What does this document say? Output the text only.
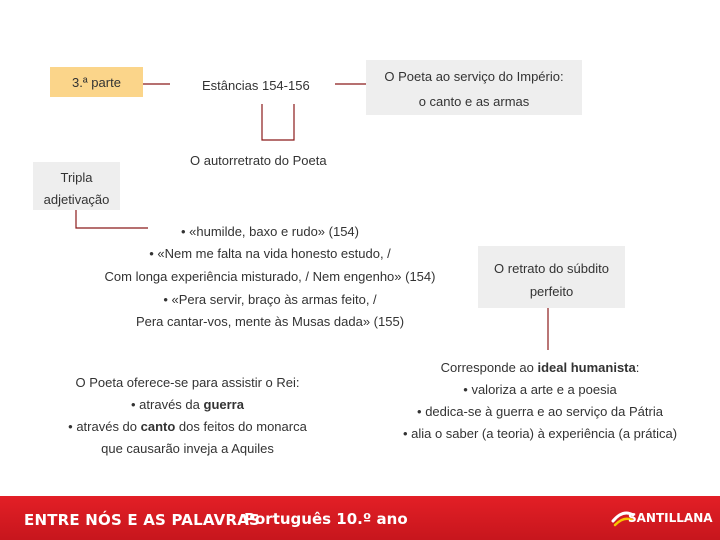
3.ª parte	Estâncias 154-156
O Poeta ao serviço do Império:
o canto e as armas
O autorretrato do Poeta
Tripla
adjetivação
• «humilde, baxo e rudo» (154)
• «Nem me falta na vida honesto estudo, /
Com longa experiência misturado, / Nem engenho» (154)
• «Pera servir, braço às armas feito, /
Pera cantar-vos, mente às Musas dada» (155)
O retrato do súbdito
perfeito
O Poeta oferece-se para assistir o Rei:
• através da guerra
• através do canto dos feitos do monarca
que causarão inveja a Aquiles
Corresponde ao ideal humanista:
• valoriza a arte e a poesia
• dedica-se à guerra e ao serviço da Pátria
• alia o saber (a teoria) à experiência (a prática)
ENTRE NÓS E AS PALAVRAS
Português 10.º ano	SANTILLANA
